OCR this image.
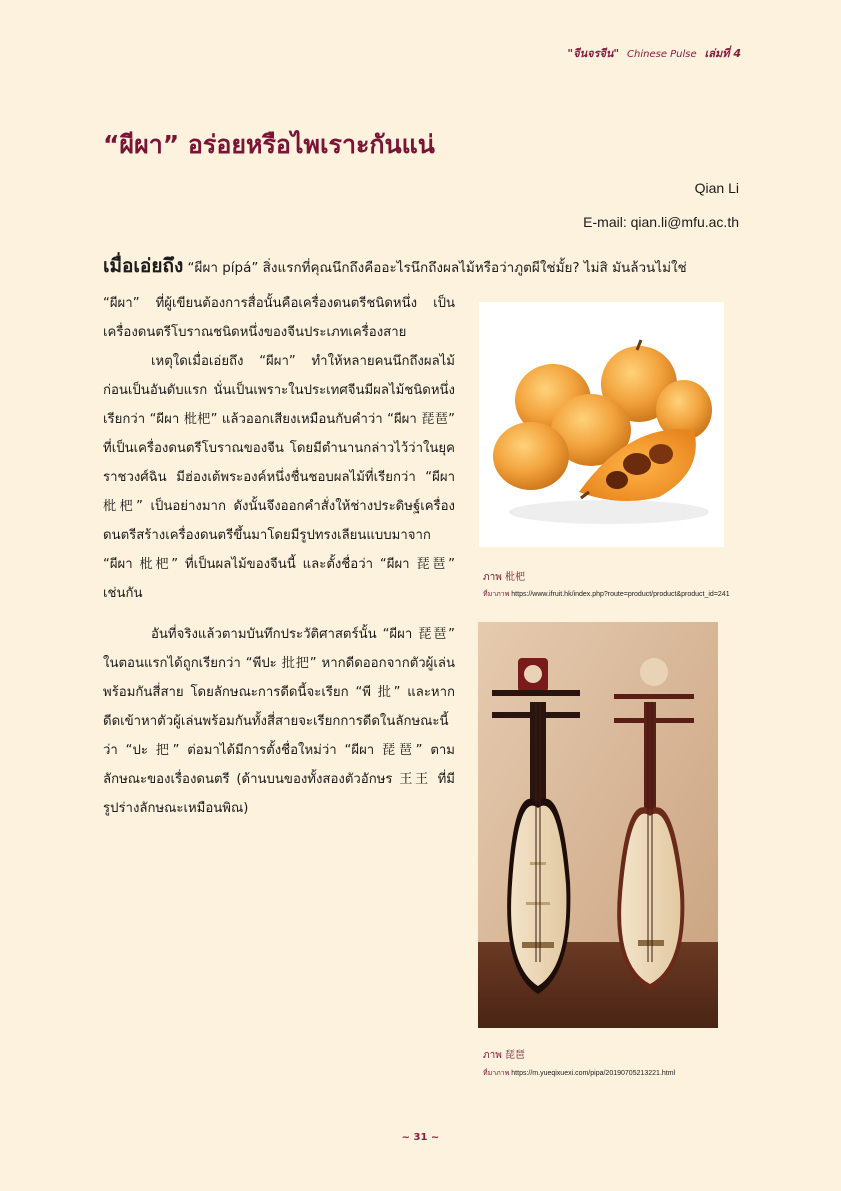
"จีนจรจีน" Chinese Pulse เล่มที่ 4
“ผีผา” อร่อยหรือไพเราะกันแน่
Qian Li
E-mail: qian.li@mfu.ac.th
เมื่อเอ่ยถึง “ผีผา pípá” สิ่งแรกที่คุณนึกถึงคืออะไรนึกถึงผลไม้หรือว่าภูตผีใช่มั้ย? ไม่สิ มันล้วนไม่ใช่

“ผีผา” ที่ผู้เขียนต้องการสื่อนั้นคือเครื่องดนตรีชนิดหนึ่ง เป็นเครื่องดนตรีโบราณชนิดหนึ่งของจีนประเภทเครื่องสาย

เหตุใดเมื่อเอ่ยถึง “ผีผา” ทำให้หลายคนนึกถึงผลไม้ก่อนเป็นอันดับแรก นั่นเป็นเพราะในประเทศจีนมีผลไม้ชนิดหนึ่งเรียกว่า “ผีผา 枇杷” แล้วออกเสียงเหมือนกับคำว่า “ผีผา 琵琶” ที่เป็นเครื่องดนตรีโบราณของจีน โดยมีตำนานกล่าวไว้ว่าในยุคราชวงศ์ฉิน มีฮ่องเต้พระองค์หนึ่งชื่นชอบผลไม้ที่เรียกว่า “ผีผา 枇杷” เป็นอย่างมาก ดังนั้นจึงออกคำสั่งให้ช่างประดิษฐ์เครื่องดนตรีสร้างเครื่องดนตรีขึ้นมาโดยมีรูปทรงเลียนแบบมาจาก “ผีผา 枇杷” ที่เป็นผลไม้ของจีนนี้ และตั้งชื่อว่า “ผีผา 琵琶” เช่นกัน

อันที่จริงแล้วตามบันทึกประวัติศาสตร์นั้น “ผีผา 琵琶” ในตอนแรกได้ถูกเรียกว่า “พีปะ 批把” หากดีดออกจากตัวผู้เล่นพร้อมกันสี่สาย โดยลักษณะการดีดนี้จะเรียก “พี 批” และหากดีดเข้าหาตัวผู้เล่นพร้อมกันทั้งสี่สายจะเรียกการดีดในลักษณะนี้ว่า “ปะ 把” ต่อมาได้มีการตั้งชื่อใหม่ว่า “ผีผา 琵琶” ตามลักษณะของเรื่องดนตรี (ด้านบนของทั้งสองตัวอักษร 王王 ที่มีรูปร่างลักษณะเหมือนพิณ)

ภาพ 枇杷
ที่มาภาพ https://www.ifruit.hk/index.php?route=product/product&product_id=241
ภาพ 琵琶
ที่มาภาพ https://m.yueqixuexi.com/pipa/20190705213221.html
~ 31 ~
